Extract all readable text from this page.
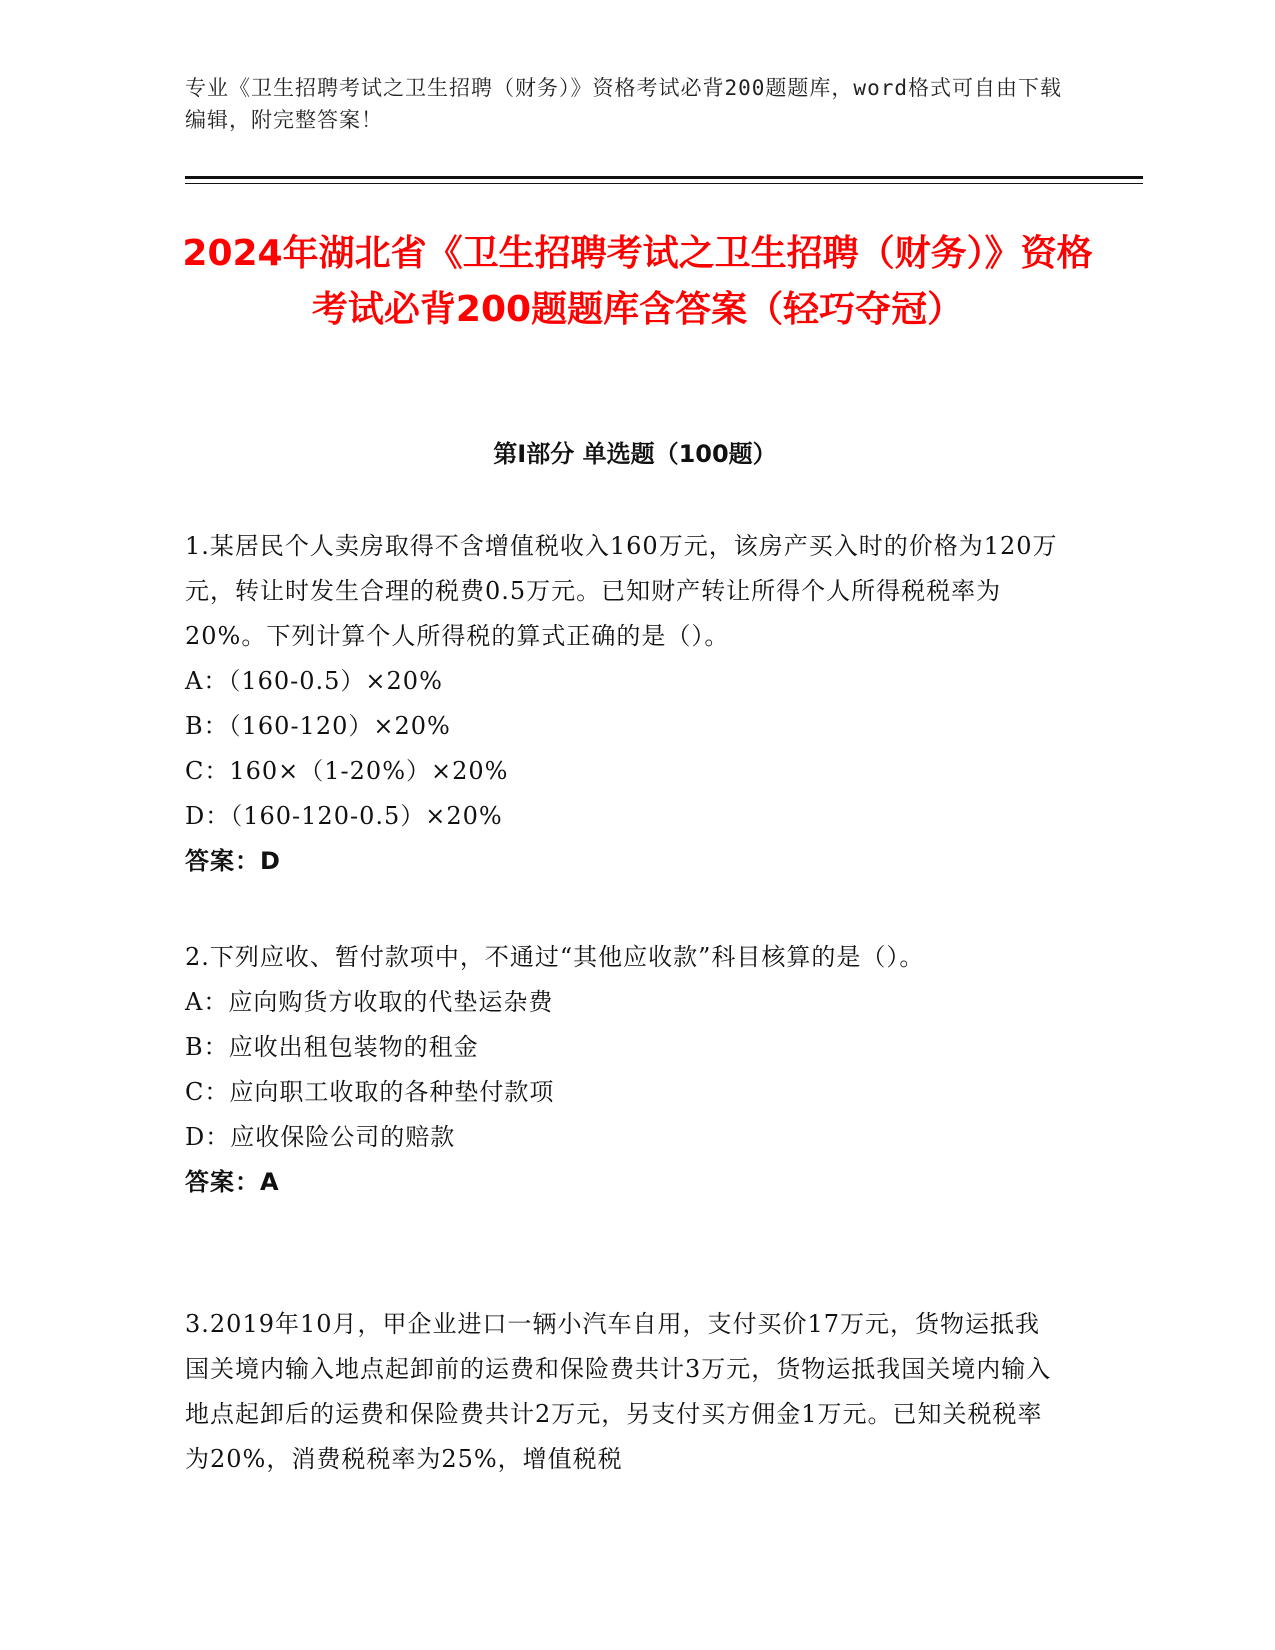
专业《卫生招聘考试之卫生招聘（财务）》资格考试必背200题题库，word格式可自由下载编辑，附完整答案！
2024年湖北省《卫生招聘考试之卫生招聘（财务）》资格考试必背200题题库含答案（轻巧夺冠）
第I部分 单选题（100题）

1.某居民个人卖房取得不含增值税收入160万元，该房产买入时的价格为120万元，转让时发生合理的税费0.5万元。已知财产转让所得个人所得税税率为20%。下列计算个人所得税的算式正确的是（）。

A：（160-0.5）×20%

B：（160-120）×20%

C：160×（1-20%）×20%

D：（160-120-0.5）×20%

答案：D

2.下列应收、暂付款项中，不通过“其他应收款”科目核算的是（）。

A：应向购货方收取的代垫运杂费

B：应收出租包装物的租金

C：应向职工收取的各种垫付款项

D：应收保险公司的赔款

答案：A

3.2019年10月，甲企业进口一辆小汽车自用，支付买价17万元，货物运抵我国关境内输入地点起卸前的运费和保险费共计3万元，货物运抵我国关境内输入地点起卸后的运费和保险费共计2万元，另支付买方佣金1万元。已知关税税率为20%，消费税税率为25%，增值税税
